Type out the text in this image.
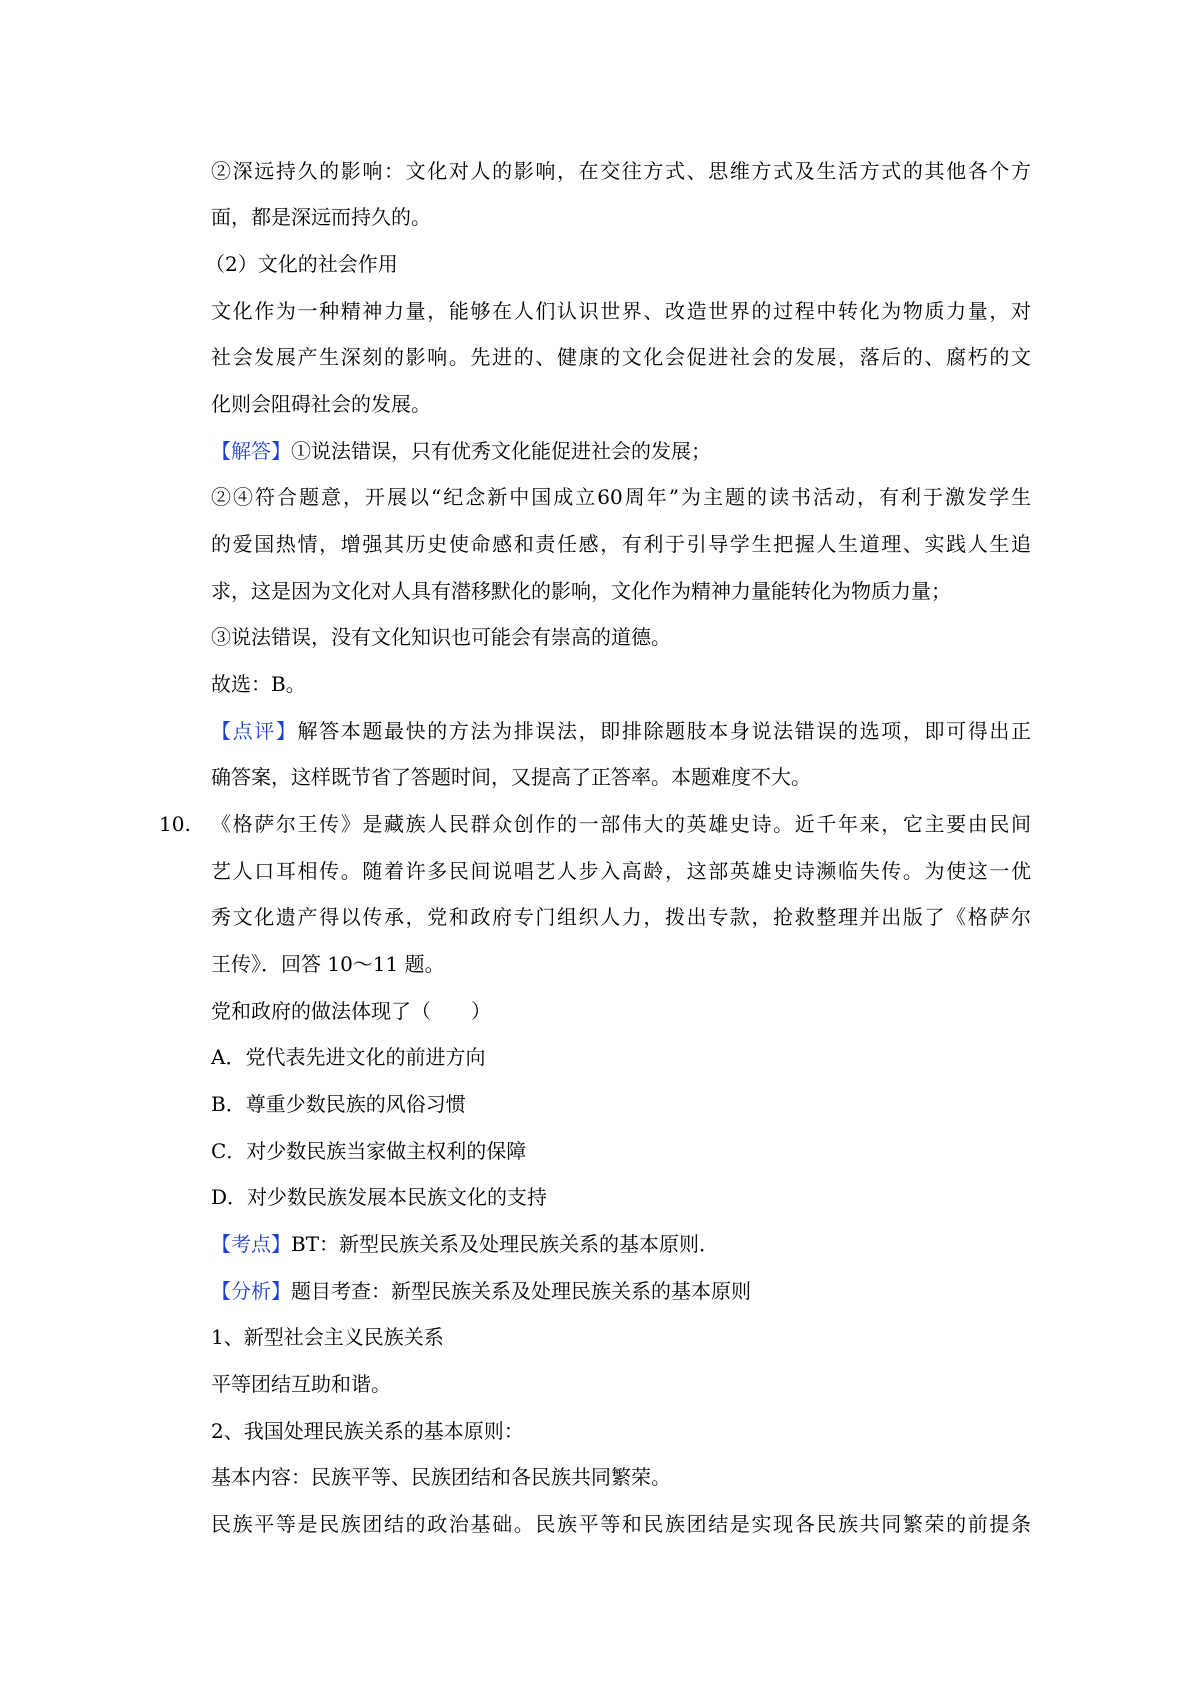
②深远持久的影响：文化对人的影响，在交往方式、思维方式及生活方式的其他各个方
面，都是深远而持久的。
（2）文化的社会作用
文化作为一种精神力量，能够在人们认识世界、改造世界的过程中转化为物质力量，对
社会发展产生深刻的影响。先进的、健康的文化会促进社会的发展，落后的、腐朽的文
化则会阻碍社会的发展。
【解答】①说法错误，只有优秀文化能促进社会的发展；
②④符合题意，开展以“纪念新中国成立60周年”为主题的读书活动，有利于激发学生
的爱国热情，增强其历史使命感和责任感，有利于引导学生把握人生道理、实践人生追
求，这是因为文化对人具有潜移默化的影响，文化作为精神力量能转化为物质力量；
③说法错误，没有文化知识也可能会有崇高的道德。
故选：B。
【点评】解答本题最快的方法为排误法，即排除题肢本身说法错误的选项，即可得出正
确答案，这样既节省了答题时间，又提高了正答率。本题难度不大。
10. 《格萨尔王传》是藏族人民群众创作的一部伟大的英雄史诗。近千年来，它主要由民间
艺人口耳相传。随着许多民间说唱艺人步入高龄，这部英雄史诗濒临失传。为使这一优
秀文化遗产得以传承，党和政府专门组织人力，拨出专款，抢救整理并出版了《格萨尔
王传》．回答 10～11 题。
党和政府的做法体现了（　　）
A．党代表先进文化的前进方向
B．尊重少数民族的风俗习惯
C．对少数民族当家做主权利的保障
D．对少数民族发展本民族文化的支持
【考点】BT：新型民族关系及处理民族关系的基本原则．
【分析】题目考查：新型民族关系及处理民族关系的基本原则
1、新型社会主义民族关系
平等团结互助和谐。
2、我国处理民族关系的基本原则：
基本内容：民族平等、民族团结和各民族共同繁荣。
民族平等是民族团结的政治基础。民族平等和民族团结是实现各民族共同繁荣的前提条
